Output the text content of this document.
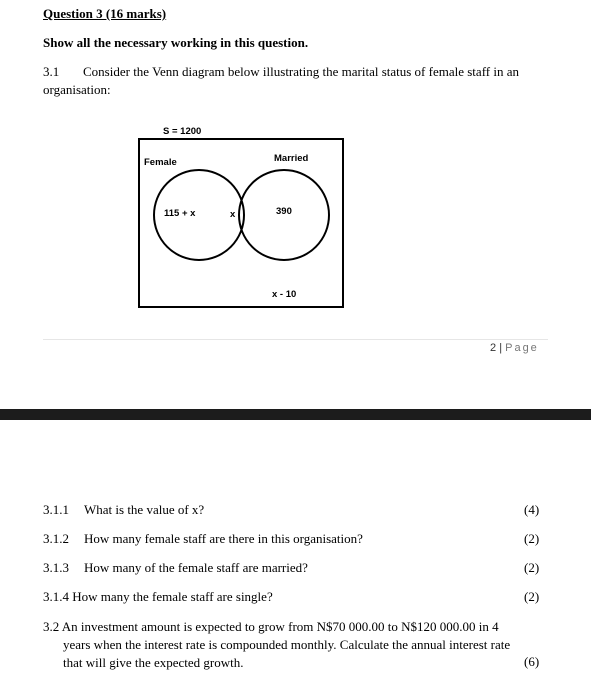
Question 3 (16 marks)
Show all the necessary working in this question.
3.1 Consider the Venn diagram below illustrating the marital status of female staff in an organisation:
S = 1200
Female	Married
115 + x	x	390
x - 10
2 | Page
3.1.1 What is the value of x?	(4)
3.1.2 How many female staff are there in this organisation?	(2)
3.1.3 How many of the female staff are married?	(2)
3.1.4 How many the female staff are single?	(2)
3.2 An investment amount is expected to grow from N$70 000.00 to N$120 000.00 in 4
years when the interest rate is compounded monthly. Calculate the annual interest rate
that will give the expected growth.	(6)
